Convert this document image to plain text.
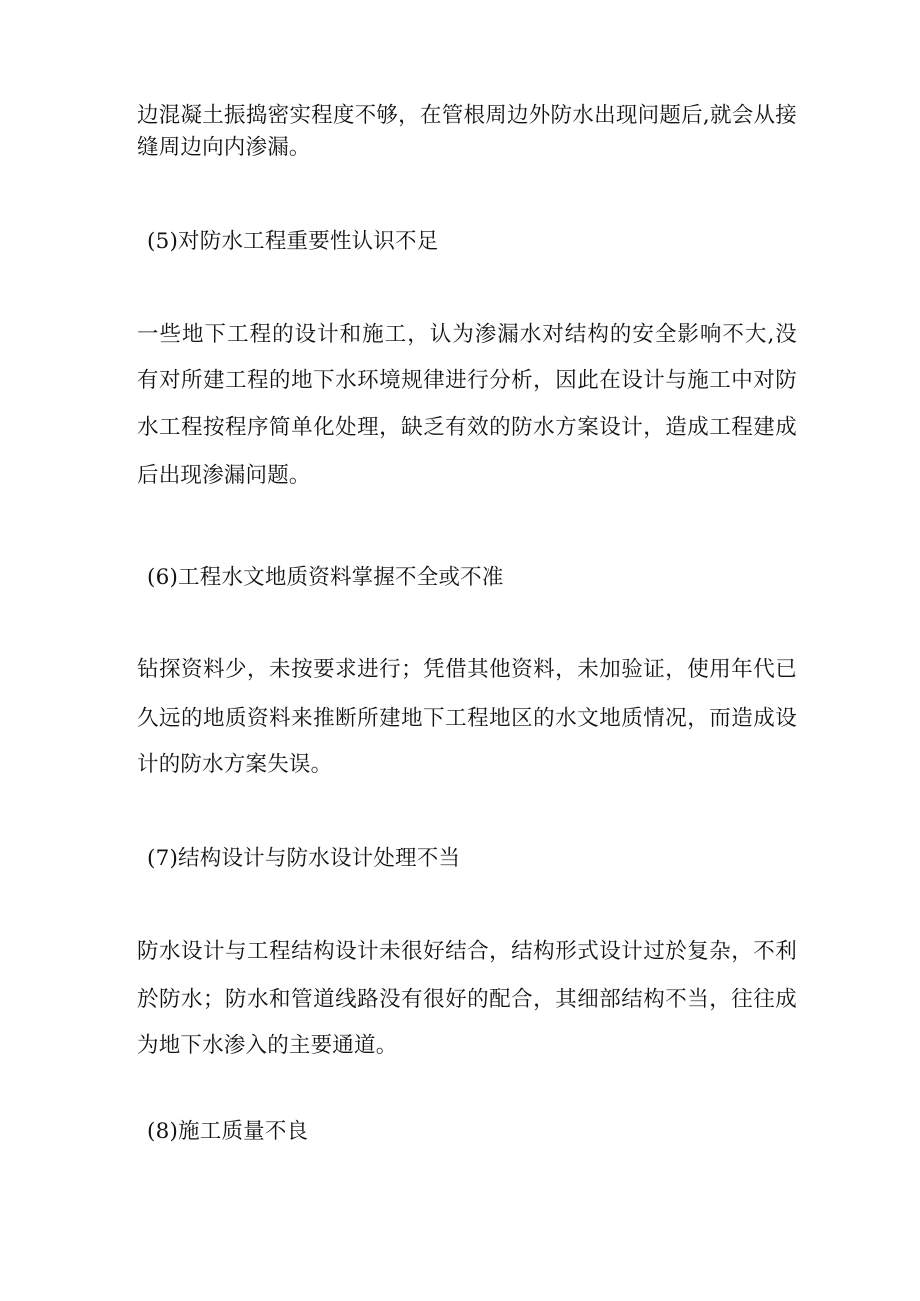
边混凝土振捣密实程度不够，在管根周边外防水出现问题后,就会从接
缝周边向内渗漏。
(5)对防水工程重要性认识不足
一些地下工程的设计和施工，认为渗漏水对结构的安全影响不大,没
有对所建工程的地下水环境规律进行分析，因此在设计与施工中对防
水工程按程序简单化处理，缺乏有效的防水方案设计，造成工程建成
后出现渗漏问题。
(6)工程水文地质资料掌握不全或不准
钻探资料少，未按要求进行；凭借其他资料，未加验证，使用年代已
久远的地质资料来推断所建地下工程地区的水文地质情况，而造成设
计的防水方案失误。
(7)结构设计与防水设计处理不当
防水设计与工程结构设计未很好结合，结构形式设计过於复杂，不利
於防水；防水和管道线路没有很好的配合，其细部结构不当，往往成
为地下水渗入的主要通道。
(8)施工质量不良
